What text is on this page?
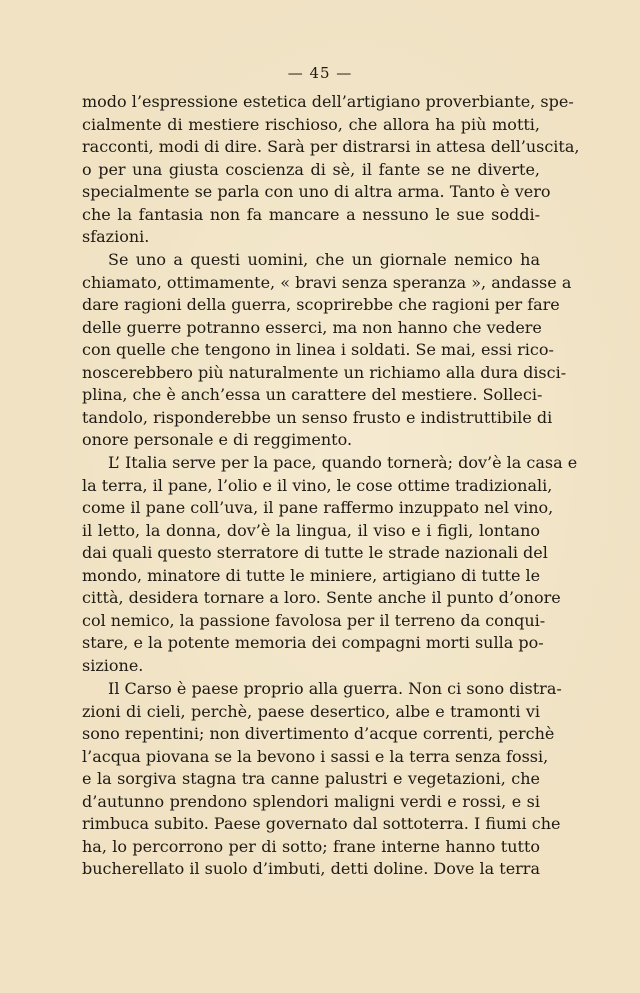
— 45 —

modo l’espressione estetica dell’artigiano proverbiante, spe-
cialmente di mestiere rischioso, che allora ha più motti,
racconti, modi di dire. Sarà per distrarsi in attesa dell’uscita,
o per una giusta coscienza di sè, il fante se ne diverte,
specialmente se parla con uno di altra arma. Tanto è vero
che la fantasia non fa mancare a nessuno le sue soddi-
sfazioni.

Se uno a questi uomini, che un giornale nemico ha
chiamato, ottimamente, « bravi senza speranza », andasse a
dare ragioni della guerra, scoprirebbe che ragioni per fare
delle guerre potranno esserci, ma non hanno che vedere
con quelle che tengono in linea i soldati. Se mai, essi rico-
noscerebbero più naturalmente un richiamo alla dura disci-
plina, che è anch’essa un carattere del mestiere. Solleci-
tandolo, risponderebbe un senso frusto e indistruttibile di
onore personale e di reggimento.

L’ Italia serve per la pace, quando tornerà; dov’è la casa e
la terra, il pane, l’olio e il vino, le cose ottime tradizionali,
come il pane coll’uva, il pane raffermo inzuppato nel vino,
il letto, la donna, dov’è la lingua, il viso e i figli, lontano
dai quali questo sterratore di tutte le strade nazionali del
mondo, minatore di tutte le miniere, artigiano di tutte le
città, desidera tornare a loro. Sente anche il punto d’onore
col nemico, la passione favolosa per il terreno da conqui-
stare, e la potente memoria dei compagni morti sulla po-
sizione.

Il Carso è paese proprio alla guerra. Non ci sono distra-
zioni di cieli, perchè, paese desertico, albe e tramonti vi
sono repentini; non divertimento d’acque correnti, perchè
l’acqua piovana se la bevono i sassi e la terra senza fossi,
e la sorgiva stagna tra canne palustri e vegetazioni, che
d’autunno prendono splendori maligni verdi e rossi, e si
rimbuca subito. Paese governato dal sottoterra. I fiumi che
ha, lo percorrono per di sotto; frane interne hanno tutto
bucherellato il suolo d’imbuti, detti doline. Dove la terra
